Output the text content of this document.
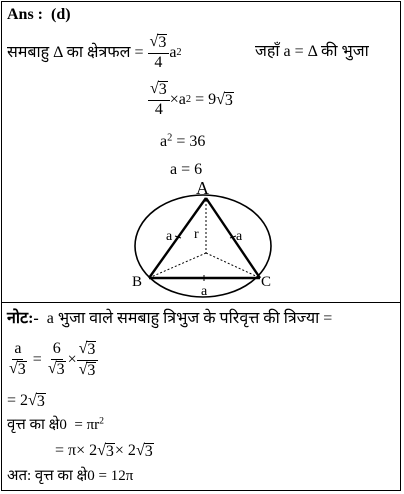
Ans : (d)
समबाहु Δ का क्षेत्रफल
=
$\frac{√ 3}{4}$ a 2	जहाँ a = Δ की भुजा
$\frac{√ 3}{4} \times a$ 2
= 9 √ 3
$a^2 = 36$
a = 6
A
B	C
a	a
a
r
नोट:- a भुजा वाले समबाहु त्रिभुज के परिवृत्त की त्रिज्या =
$\frac{a}{√ 3}$
=
$\frac{6}{√ 3} \times \frac{√ 3}{√ 3}$
= 2 √ 3
वृत्त का क्षे0 = $\pi r^2$
= π× 2 √ 3 × 2 √ 3
अत: वृत्त का क्षे0 = 12π
